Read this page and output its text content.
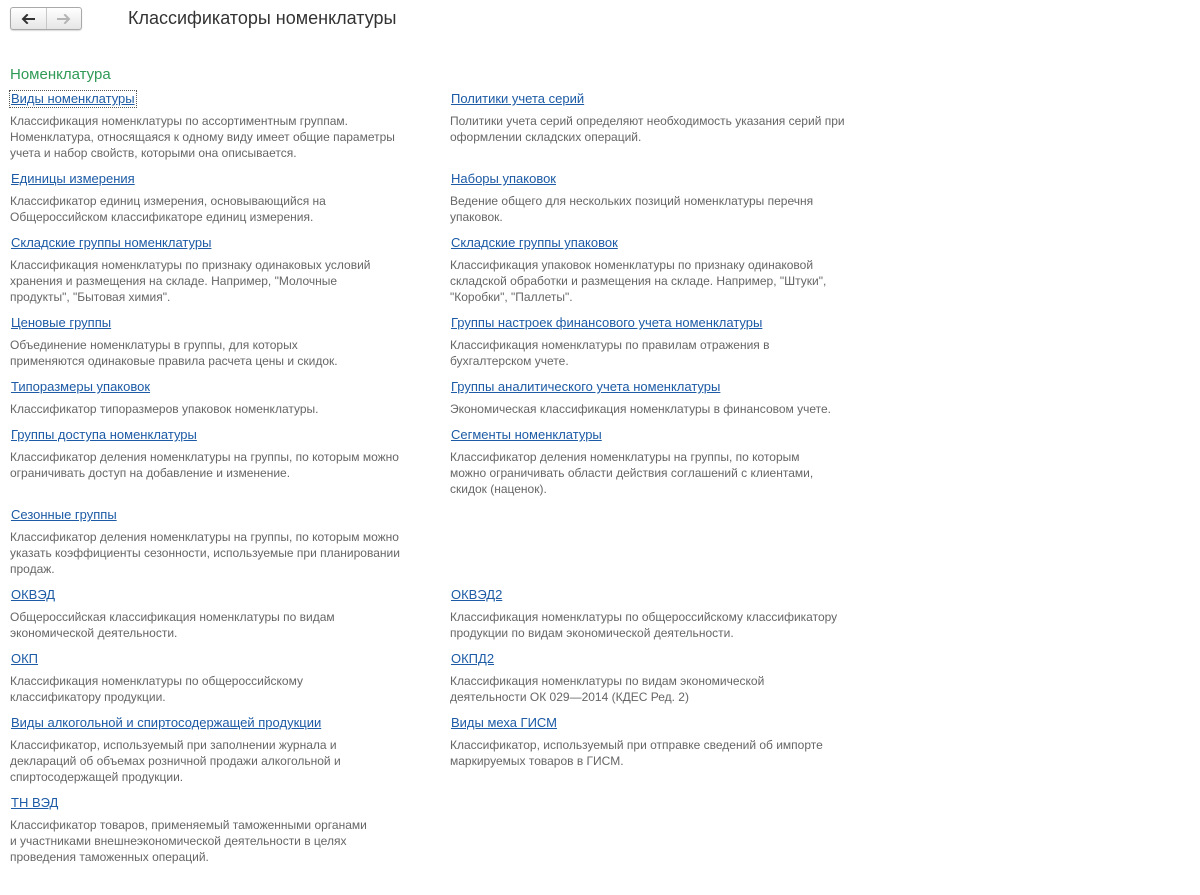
Классификаторы номенклатуры
Номенклатура
Виды номенклатуры
Классификация номенклатуры по ассортиментным группам.
Номенклатура, относящаяся к одному виду имеет общие параметры
учета и набор свойств, которыми она описывается.
Единицы измерения
Классификатор единиц измерения, основывающийся на
Общероссийском классификаторе единиц измерения.
Складские группы номенклатуры
Классификация номенклатуры по признаку одинаковых условий
хранения и размещения на складе. Например, "Молочные
продукты", "Бытовая химия".
Ценовые группы
Объединение номенклатуры в группы, для которых
применяются одинаковые правила расчета цены и скидок.
Типоразмеры упаковок
Классификатор типоразмеров упаковок номенклатуры.
Группы доступа номенклатуры
Классификатор деления номенклатуры на группы, по которым можно
ограничивать доступ на добавление и изменение.
Сезонные группы
Классификатор деления номенклатуры на группы, по которым можно
указать коэффициенты сезонности, используемые при планировании
продаж.
ОКВЭД
Общероссийская классификация номенклатуры по видам
экономической деятельности.
ОКП
Классификация номенклатуры по общероссийскому
классификатору продукции.
Виды алкогольной и спиртосодержащей продукции
Классификатор, используемый при заполнении журнала и
деклараций об объемах розничной продажи алкогольной и
спиртосодержащей продукции.
ТН ВЭД
Классификатор товаров, применяемый таможенными органами
и участниками внешнеэкономической деятельности в целях
проведения таможенных операций.
Политики учета серий
Политики учета серий определяют необходимость указания серий при
оформлении складских операций.
Наборы упаковок
Ведение общего для нескольких позиций номенклатуры перечня
упаковок.
Складские группы упаковок
Классификация упаковок номенклатуры по признаку одинаковой
складской обработки и размещения на складе. Например, "Штуки",
"Коробки", "Паллеты".
Группы настроек финансового учета номенклатуры
Классификация номенклатуры по правилам отражения в
бухгалтерском учете.
Группы аналитического учета номенклатуры
Экономическая классификация номенклатуры в финансовом учете.
Сегменты номенклатуры
Классификатор деления номенклатуры на группы, по которым
можно ограничивать области действия соглашений с клиентами,
скидок (наценок).
ОКВЭД2
Классификация номенклатуры по общероссийскому классификатору
продукции по видам экономической деятельности.
ОКПД2
Классификация номенклатуры по видам экономической
деятельности ОК 029—2014 (КДЕС Ред. 2)
Виды меха ГИСМ
Классификатор, используемый при отправке сведений об импорте
маркируемых товаров в ГИСМ.
